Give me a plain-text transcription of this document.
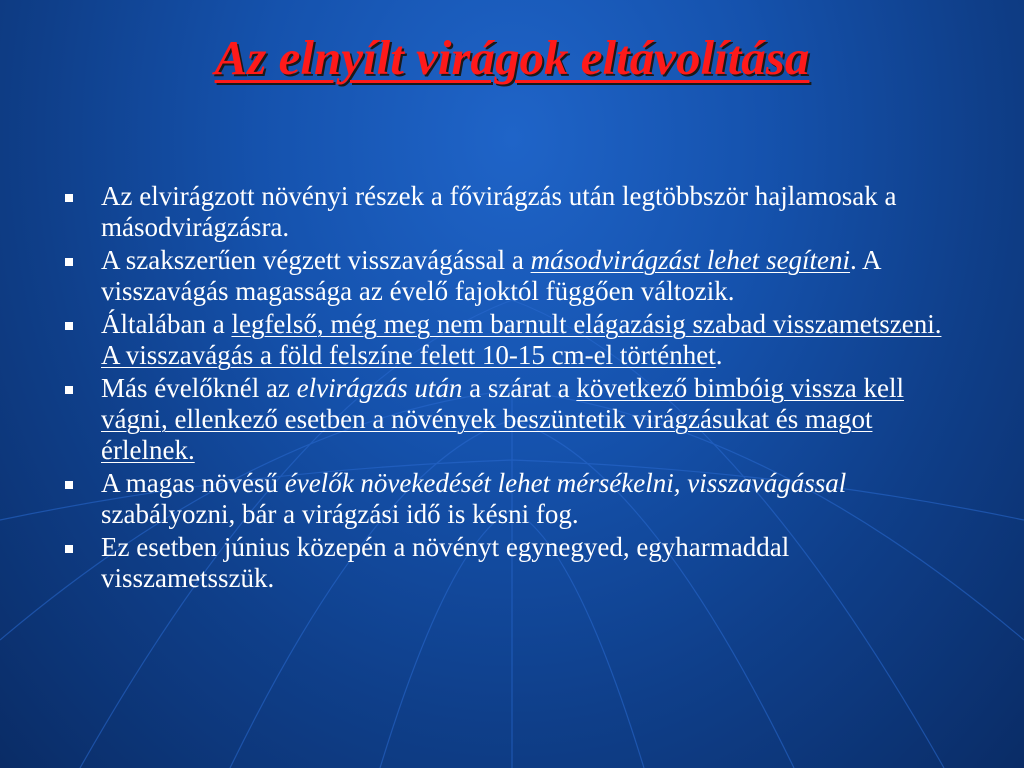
Az elnyílt virágok eltávolítása
Az elvirágzott növényi részek a fővirágzás után legtöbbször hajlamosak a másodvirágzásra.
A szakszerűen végzett visszavágással a másodvirágzást lehet segíteni. A visszavágás magassága az évelő fajoktól függően változik.
Általában a legfelső, még meg nem barnult elágazásig szabad visszametszeni. A visszavágás a föld felszíne felett 10-15 cm-el történhet.
Más évelőknél az elvirágzás után a szárat a következő bimbóig vissza kell vágni, ellenkező esetben a növények beszüntetik virágzásukat és magot érlelnek.
A magas növésű évelők növekedését lehet mérsékelni, visszavágással szabályozni, bár a virágzási idő is késni fog.
Ez esetben június közepén a növényt egynegyed, egyharmaddal visszametsszük.
